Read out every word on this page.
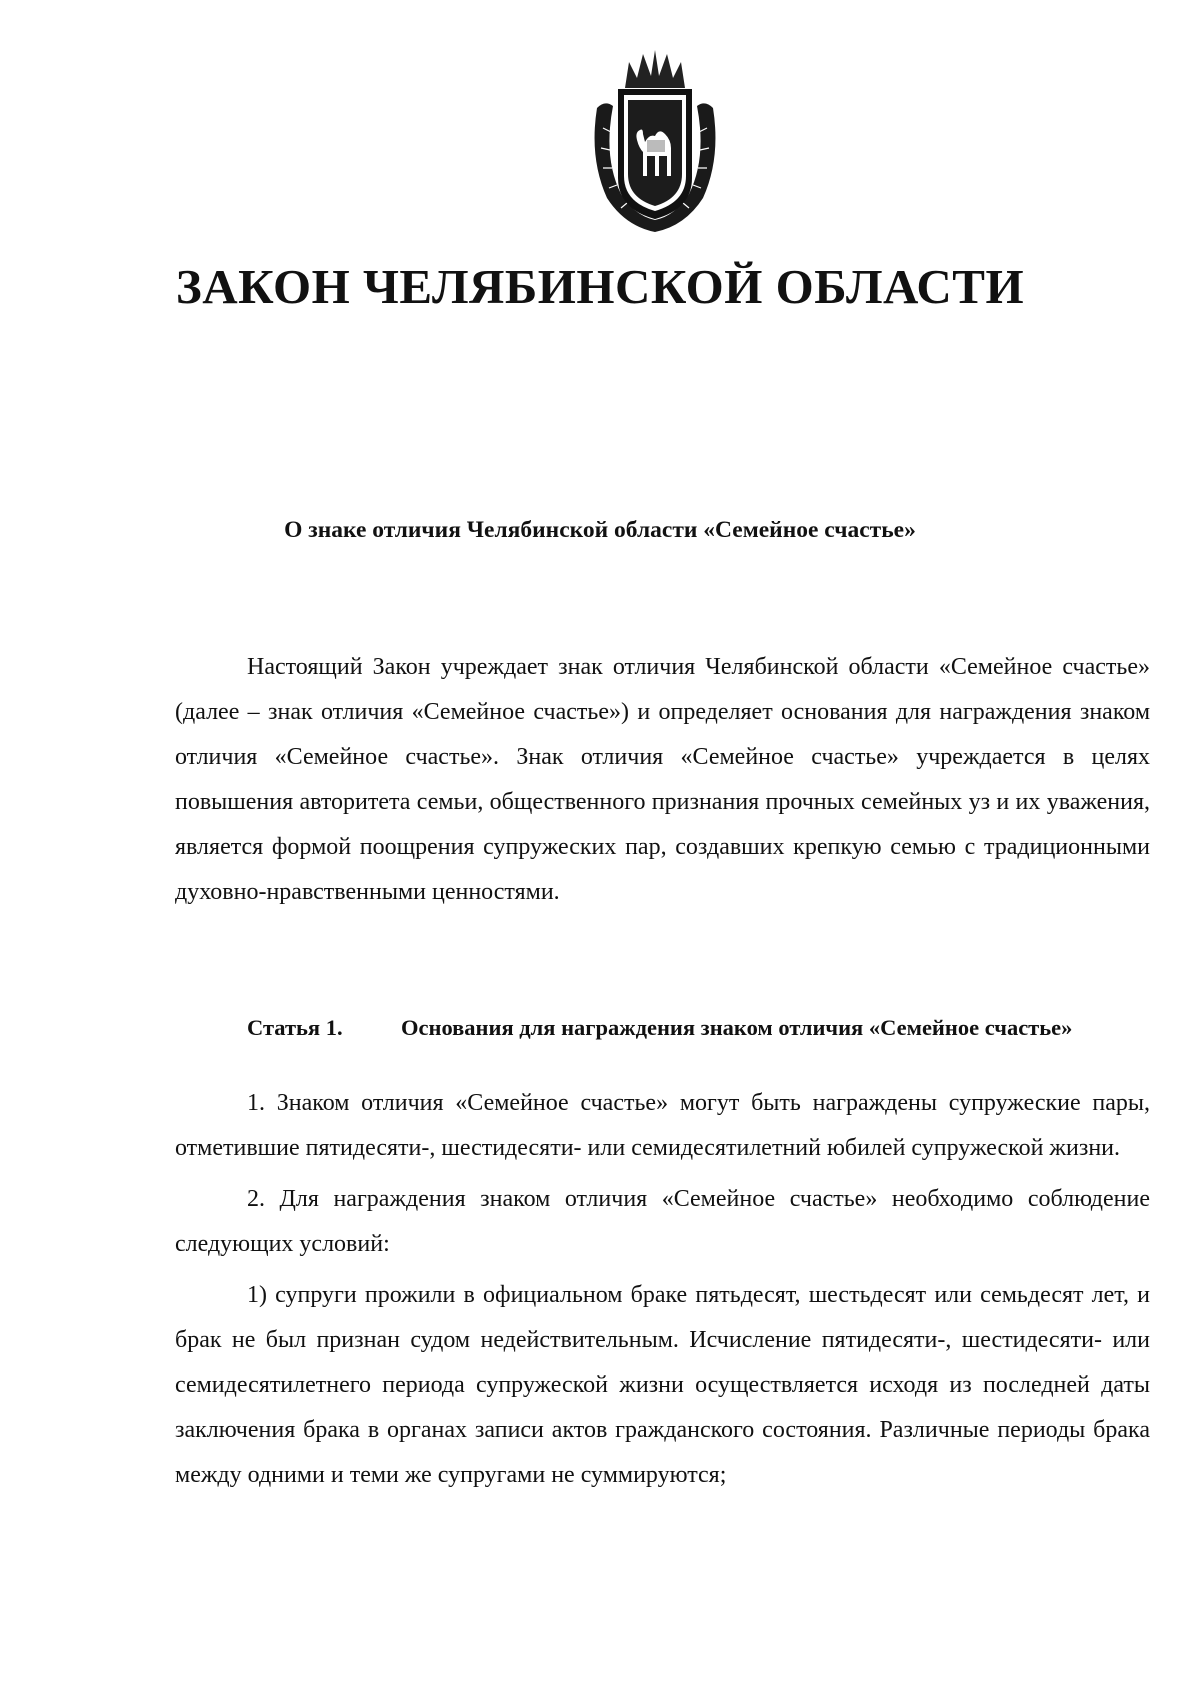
ЗАКОН ЧЕЛЯБИНСКОЙ ОБЛАСТИ
О знаке отличия Челябинской области «Семейное счастье»

Настоящий Закон учреждает знак отличия Челябинской области «Семейное счастье» (далее – знак отличия «Семейное счастье») и определяет основания для награждения знаком отличия «Семейное счастье». Знак отличия «Семейное счастье» учреждается в целях повышения авторитета семьи, общественного признания прочных семейных уз и их уважения, является формой поощрения супружеских пар, создавших крепкую семью с традиционными духовно-нравственными ценностями.

Статья 1.	Основания для награждения знаком отличия «Семейное счастье»

1. Знаком отличия «Семейное счастье» могут быть награждены супружеские пары, отметившие пятидесяти-, шестидесяти- или семидесятилетний юбилей супружеской жизни.

2. Для награждения знаком отличия «Семейное счастье» необходимо соблюдение следующих условий:

1) супруги прожили в официальном браке пятьдесят, шестьдесят или семьдесят лет, и брак не был признан судом недействительным. Исчисление пятидесяти-, шестидесяти- или семидесятилетнего периода супружеской жизни осуществляется исходя из последней даты заключения брака в органах записи актов гражданского состояния. Различные периоды брака между одними и теми же супругами не суммируются;
